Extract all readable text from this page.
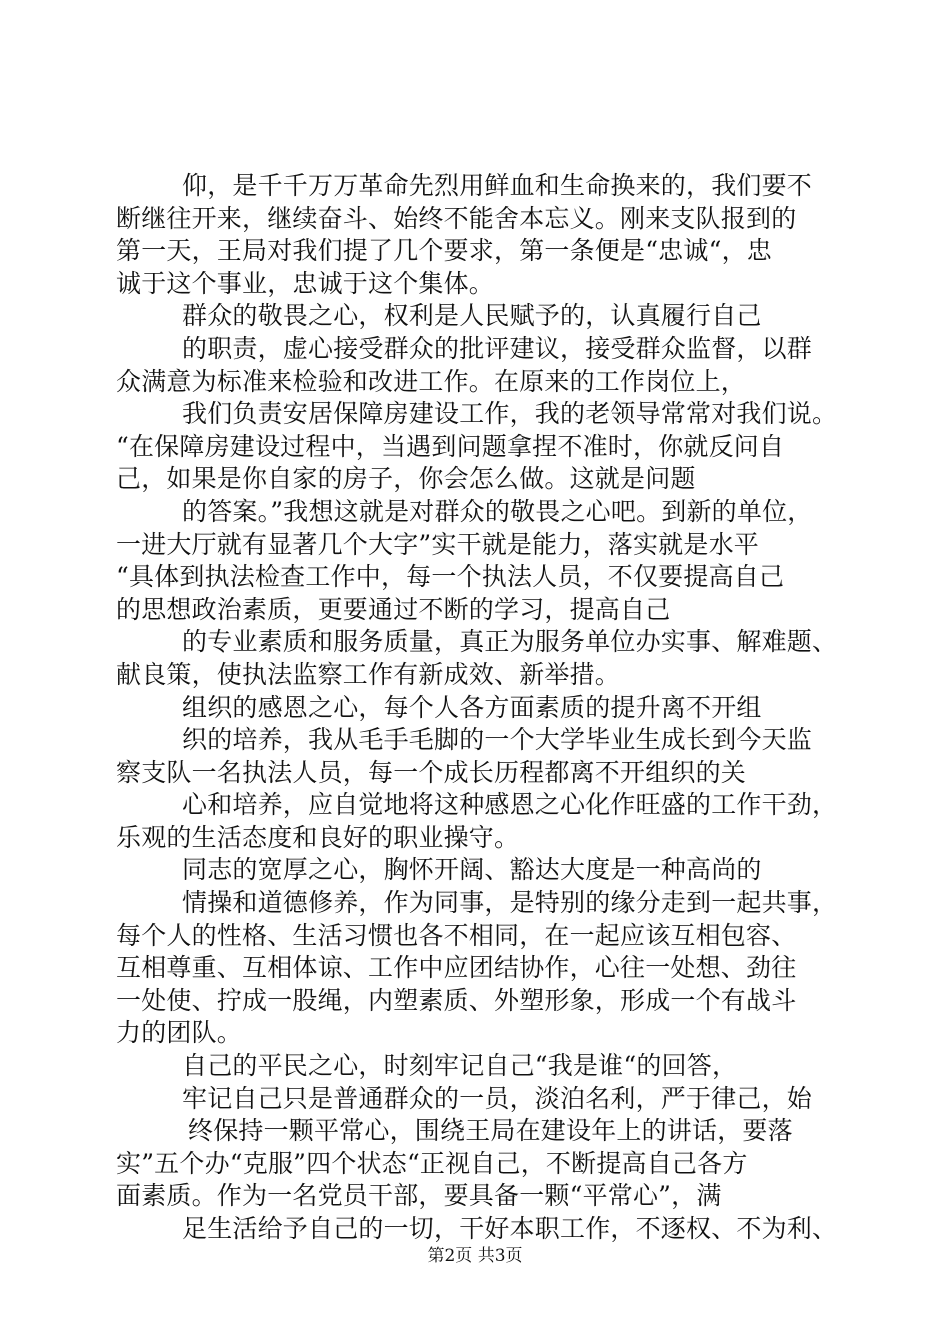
仰，是千千万万革命先烈用鲜血和生命换来的，我们要不
断继往开来，继续奋斗、始终不能舍本忘义。刚来支队报到的
第一天，王局对我们提了几个要求，第一条便是“忠诚“，忠
诚于这个事业，忠诚于这个集体。
群众的敬畏之心，权利是人民赋予的，认真履行自己
的职责，虚心接受群众的批评建议，接受群众监督，以群
众满意为标准来检验和改进工作。在原来的工作岗位上，
我们负责安居保障房建设工作，我的老领导常常对我们说。
“在保障房建设过程中，当遇到问题拿捏不准时，你就反问自
己，如果是你自家的房子，你会怎么做。这就是问题
的答案。”我想这就是对群众的敬畏之心吧。到新的单位，
一进大厅就有显著几个大字”实干就是能力，落实就是水平
“具体到执法检查工作中，每一个执法人员，不仅要提高自己
的思想政治素质，更要通过不断的学习，提高自己
的专业素质和服务质量，真正为服务单位办实事、解难题、
献良策，使执法监察工作有新成效、新举措。
组织的感恩之心，每个人各方面素质的提升离不开组
织的培养，我从毛手毛脚的一个大学毕业生成长到今天监
察支队一名执法人员，每一个成长历程都离不开组织的关
心和培养，应自觉地将这种感恩之心化作旺盛的工作干劲，
乐观的生活态度和良好的职业操守。
同志的宽厚之心，胸怀开阔、豁达大度是一种高尚的
情操和道德修养，作为同事，是特别的缘分走到一起共事，
每个人的性格、生活习惯也各不相同，在一起应该互相包容、
互相尊重、互相体谅、工作中应团结协作，心往一处想、劲往
一处使、拧成一股绳，内塑素质、外塑形象，形成一个有战斗
力的团队。
自己的平民之心，时刻牢记自己“我是谁“的回答，
牢记自己只是普通群众的一员，淡泊名利，严于律己，始
终保持一颗平常心，围绕王局在建设年上的讲话，要落
实”五个办“克服”四个状态“正视自己，不断提高自己各方
面素质。作为一名党员干部，要具备一颗“平常心”，满
足生活给予自己的一切，干好本职工作，不逐权、不为利、
第2页 共3页
